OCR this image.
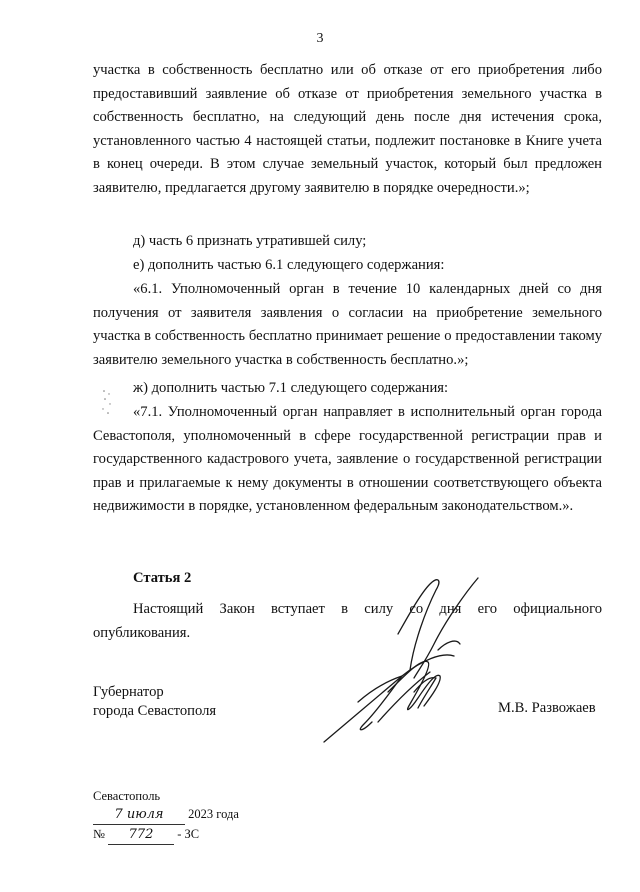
3

участка в собственность бесплатно или об отказе от его приобретения либо предоставивший заявление об отказе от приобретения земельного участка в собственность бесплатно, на следующий день после дня истечения срока, установленного частью 4 настоящей статьи, подлежит постановке в Книге учета в конец очереди. В этом случае земельный участок, который был предложен заявителю, предлагается другому заявителю в порядке очередности.»;

д) часть 6 признать утратившей силу;

е) дополнить частью 6.1 следующего содержания:

«6.1. Уполномоченный орган в течение 10 календарных дней со дня получения от заявителя заявления о согласии на приобретение земельного участка в собственность бесплатно принимает решение о предоставлении такому заявителю земельного участка в собственность бесплатно.»;

ж) дополнить частью 7.1 следующего содержания:

«7.1. Уполномоченный орган направляет в исполнительный орган города Севастополя, уполномоченный в сфере государственной регистрации прав и государственного кадастрового учета, заявление о государственной регистрации прав и прилагаемые к нему документы в отношении соответствующего объекта недвижимости в порядке, установленном федеральным законодательством.».

Статья 2

Настоящий Закон вступает в силу со дня его официального опубликования.

Губернатор
города Севастополя	М.В. Развожаев
Севастополь
7 июля 2023 года
№ 772 - ЗС
